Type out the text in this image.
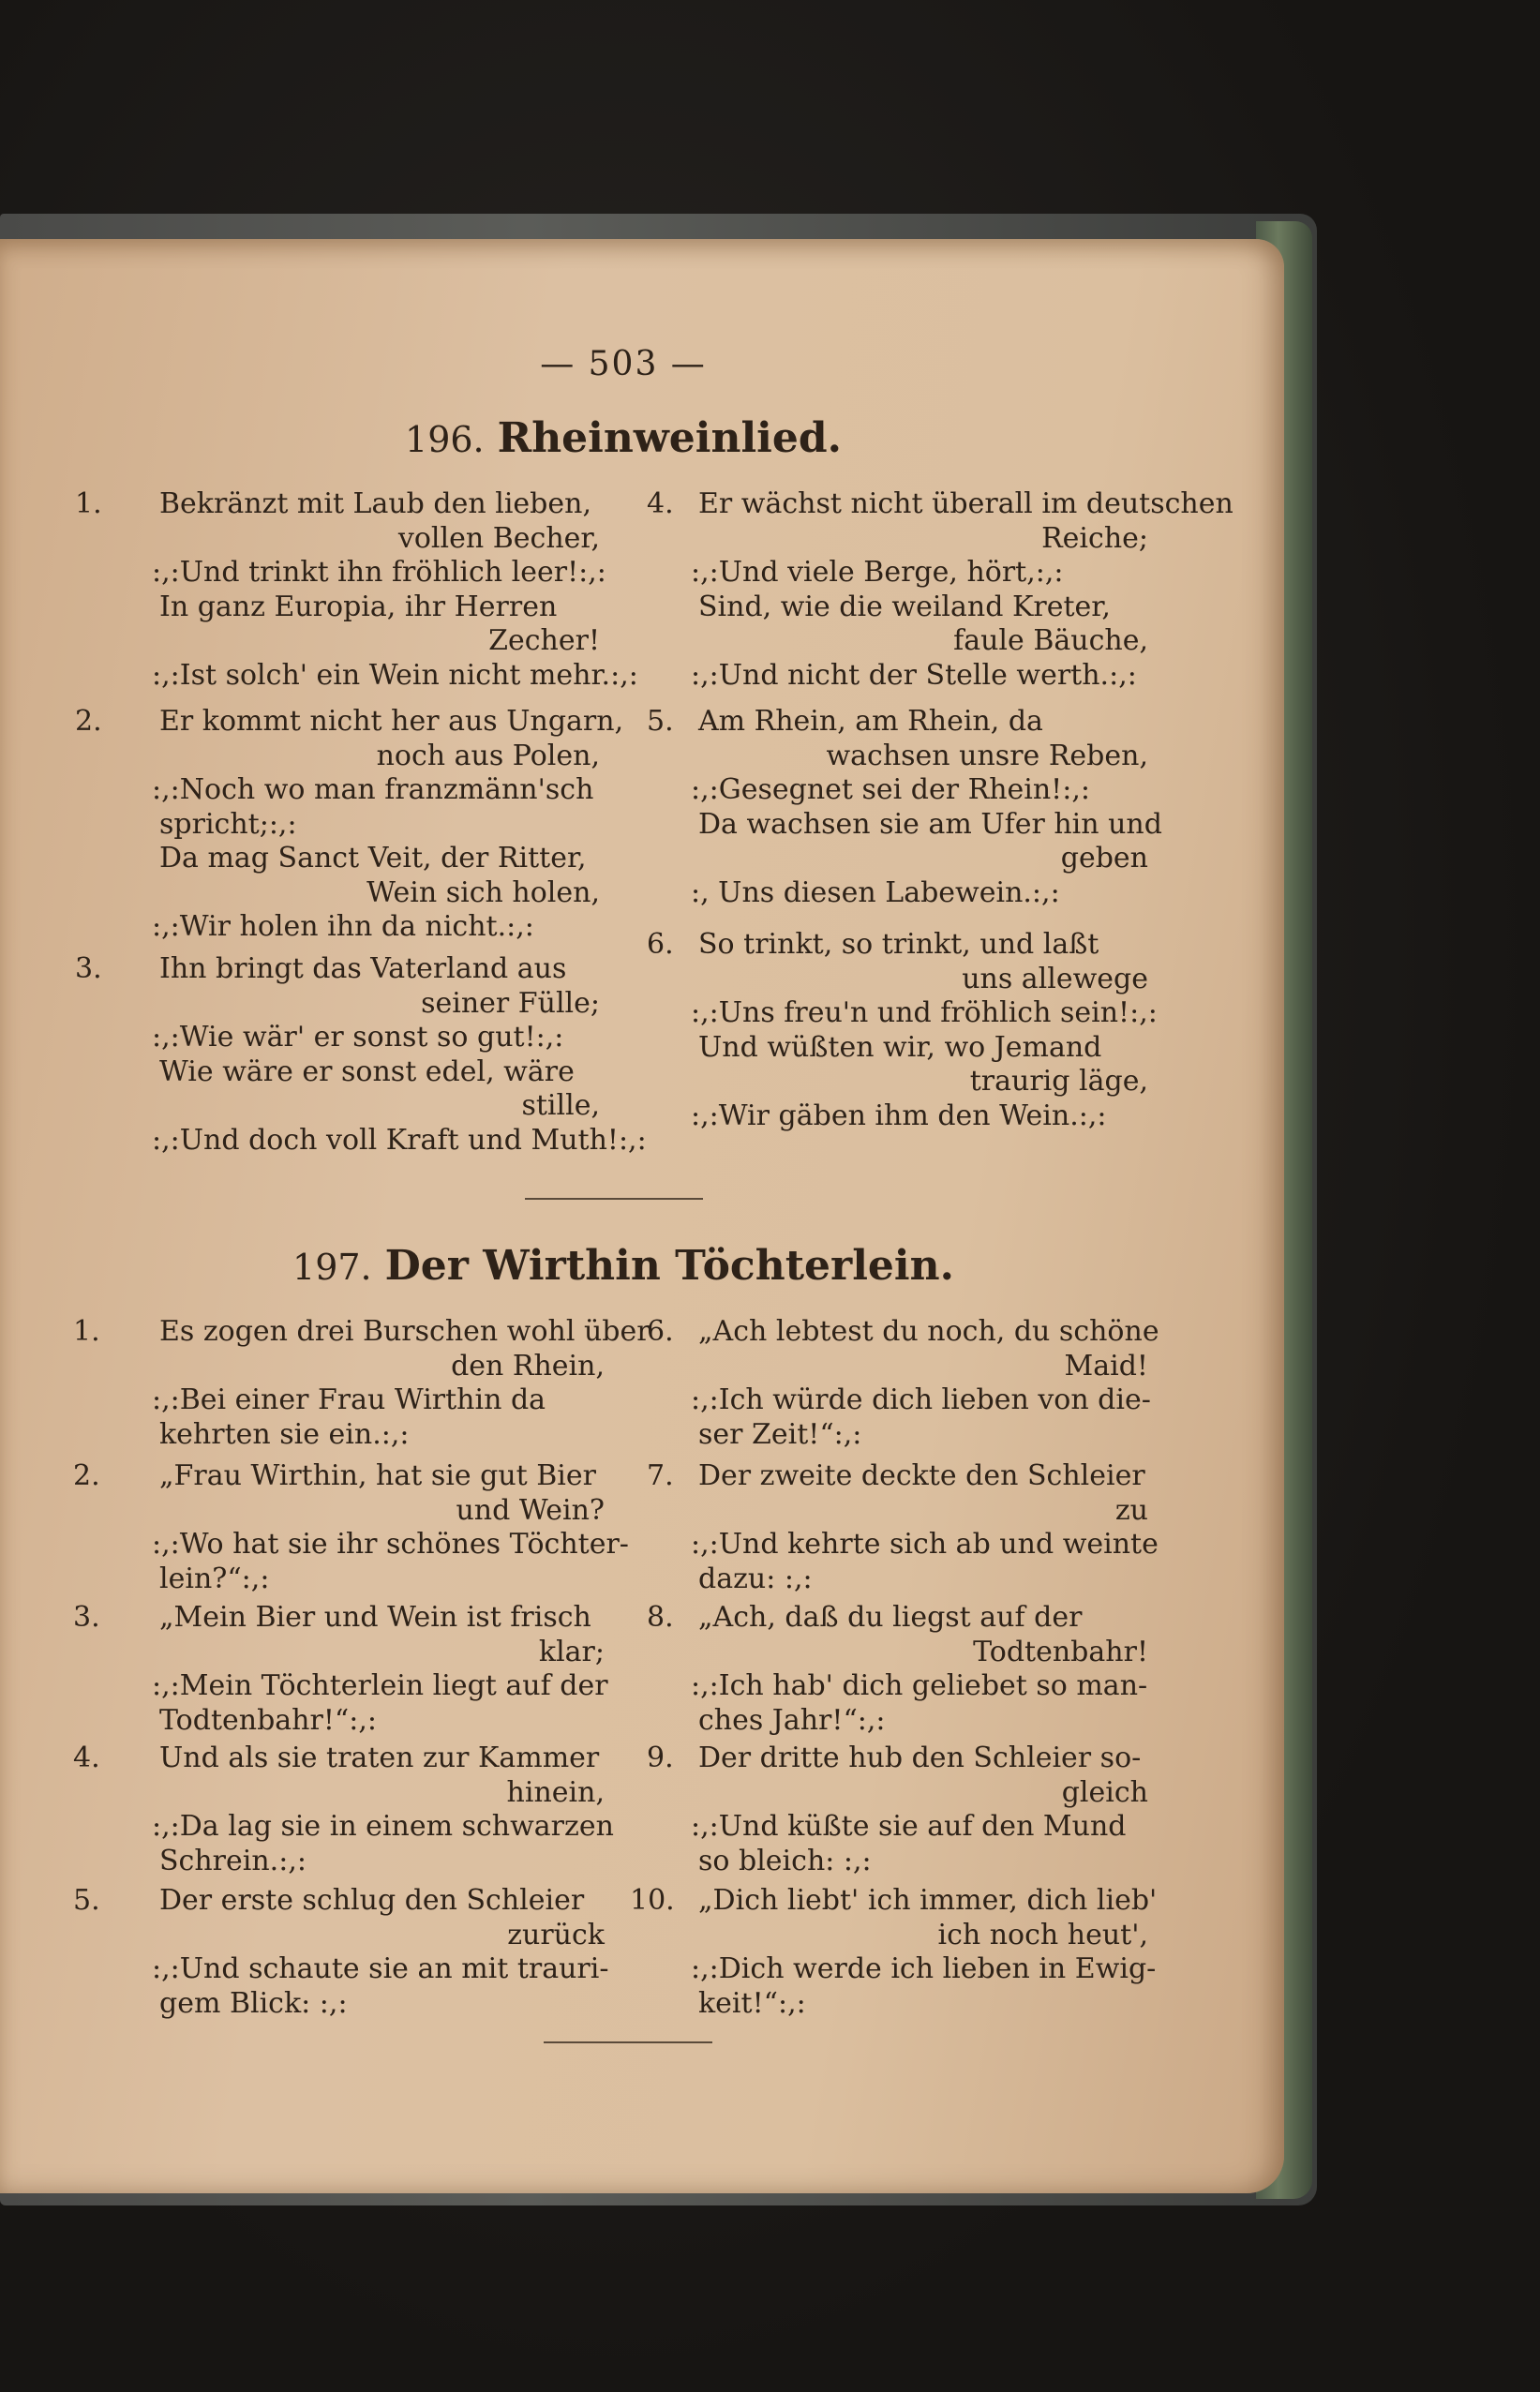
— 503 —
196. Rheinweinlied.
1. Bekränzt mit Laub den lieben,
vollen Becher,
:,:Und trinkt ihn fröhlich leer!:,:
In ganz Europia, ihr Herren
Zecher!
:,:Ist solch' ein Wein nicht mehr.:,:
2. Er kommt nicht her aus Ungarn,
noch aus Polen,
:,:Noch wo man franzmänn'sch
spricht;:,:
Da mag Sanct Veit, der Ritter,
Wein sich holen,
:,:Wir holen ihn da nicht.:,:
3. Ihn bringt das Vaterland aus
seiner Fülle;
:,:Wie wär' er sonst so gut!:,:
Wie wäre er sonst edel, wäre
stille,
:,:Und doch voll Kraft und Muth!:,:
4. Er wächst nicht überall im deutschen
Reiche;
:,:Und viele Berge, hört,:,:
Sind, wie die weiland Kreter,
faule Bäuche,
:,:Und nicht der Stelle werth.:,:
5. Am Rhein, am Rhein, da
wachsen unsre Reben,
:,:Gesegnet sei der Rhein!:,:
Da wachsen sie am Ufer hin und
geben
:, Uns diesen Labewein.:,:
6. So trinkt, so trinkt, und laßt
uns allewege
:,:Uns freu'n und fröhlich sein!:,:
Und wüßten wir, wo Jemand
traurig läge,
:,:Wir gäben ihm den Wein.:,:
197. Der Wirthin Töchterlein.
1. Es zogen drei Burschen wohl über
den Rhein,
:,:Bei einer Frau Wirthin da
kehrten sie ein.:,:
2. „Frau Wirthin, hat sie gut Bier
und Wein?
:,:Wo hat sie ihr schönes Töchter-
lein?“:,:
3. „Mein Bier und Wein ist frisch
klar;
:,:Mein Töchterlein liegt auf der
Todtenbahr!“:,:
4. Und als sie traten zur Kammer
hinein,
:,:Da lag sie in einem schwarzen
Schrein.:,:
5. Der erste schlug den Schleier
zurück
:,:Und schaute sie an mit trauri-
gem Blick: :,:
6. „Ach lebtest du noch, du schöne
Maid!
:,:Ich würde dich lieben von die-
ser Zeit!“:,:
7. Der zweite deckte den Schleier
zu
:,:Und kehrte sich ab und weinte
dazu: :,:
8. „Ach, daß du liegst auf der
Todtenbahr!
:,:Ich hab' dich geliebet so man-
ches Jahr!“:,:
9. Der dritte hub den Schleier so-
gleich
:,:Und küßte sie auf den Mund
so bleich: :,:
10. „Dich liebt' ich immer, dich lieb'
ich noch heut',
:,:Dich werde ich lieben in Ewig-
keit!“:,:
